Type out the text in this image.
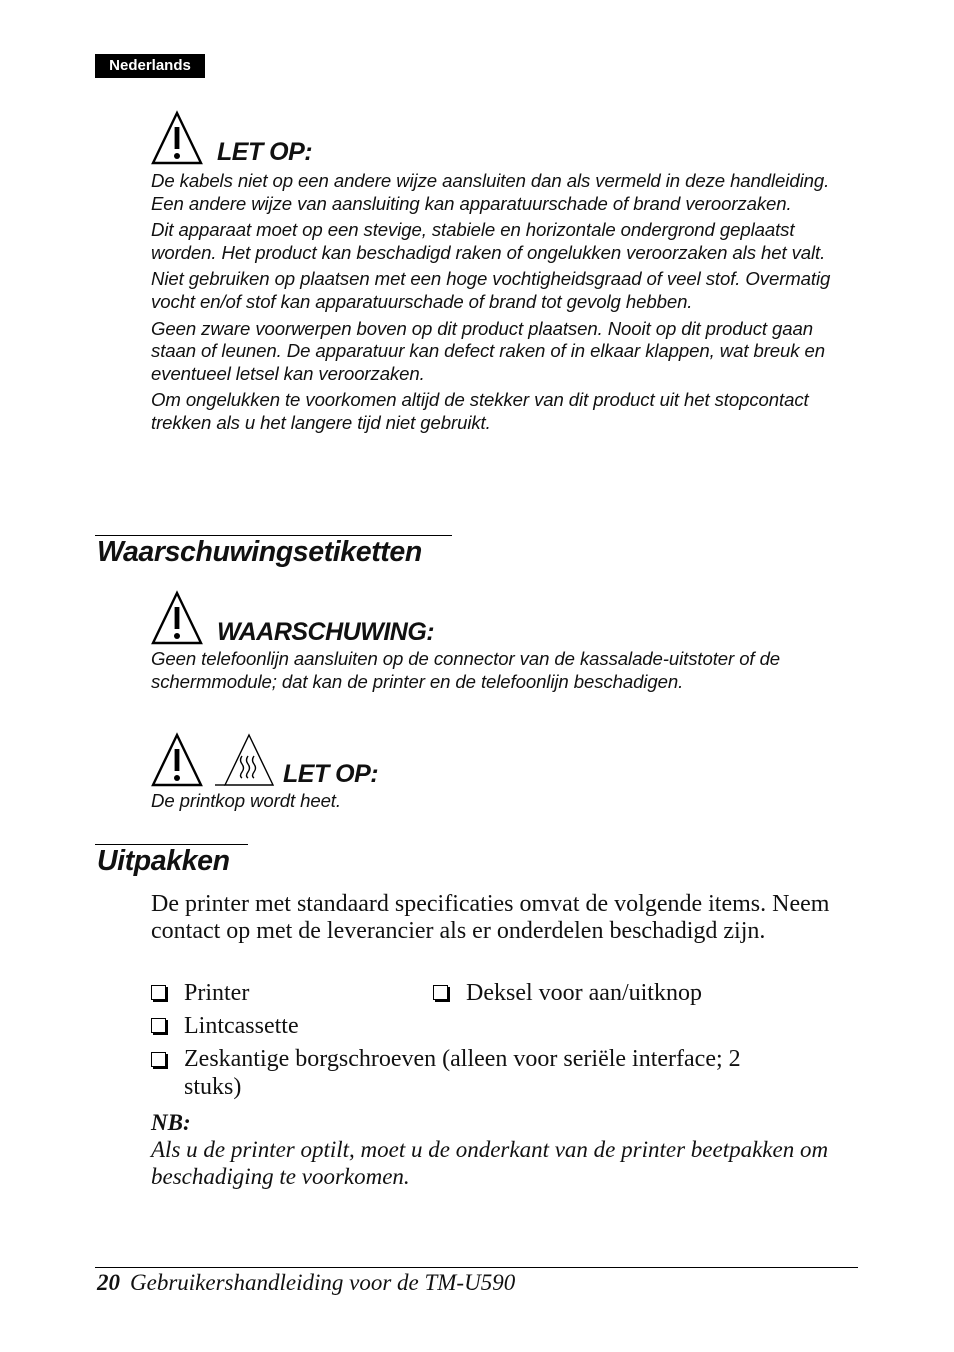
Nederlands
LET OP:

De kabels niet op een andere wijze aansluiten dan als vermeld in deze handleiding. Een andere wijze van aansluiting kan apparatuurschade of brand veroorzaken.

Dit apparaat moet op een stevige, stabiele en horizontale ondergrond geplaatst worden. Het product kan beschadigd raken of ongelukken veroorzaken als het valt.

Niet gebruiken op plaatsen met een hoge vochtigheidsgraad of veel stof. Overmatig vocht en/of stof kan apparatuurschade of brand tot gevolg hebben.

Geen zware voorwerpen boven op dit product plaatsen. Nooit op dit product gaan staan of leunen. De apparatuur kan defect raken of in elkaar klappen, wat breuk en eventueel letsel kan veroorzaken.

Om ongelukken te voorkomen altijd de stekker van dit product uit het stopcontact trekken als u het langere tijd niet gebruikt.

Waarschuwingsetiketten
WAARSCHUWING:

Geen telefoonlijn aansluiten op de connector van de kassalade-uitstoter of de schermmodule; dat kan de printer en de telefoonlijn beschadigen.

LET OP:

De printkop wordt heet.

Uitpakken
De printer met standaard specificaties omvat de volgende items. Neem contact op met de leverancier als er onderdelen beschadigd zijn.
Printer	Deksel voor aan/uitknop
Lintcassette
Zeskantige borgschroeven (alleen voor seriële interface; 2 stuks)
NB:
Als u de printer optilt, moet u de onderkant van de printer beetpakken om beschadiging te voorkomen.
20 Gebruikershandleiding voor de TM-U590
